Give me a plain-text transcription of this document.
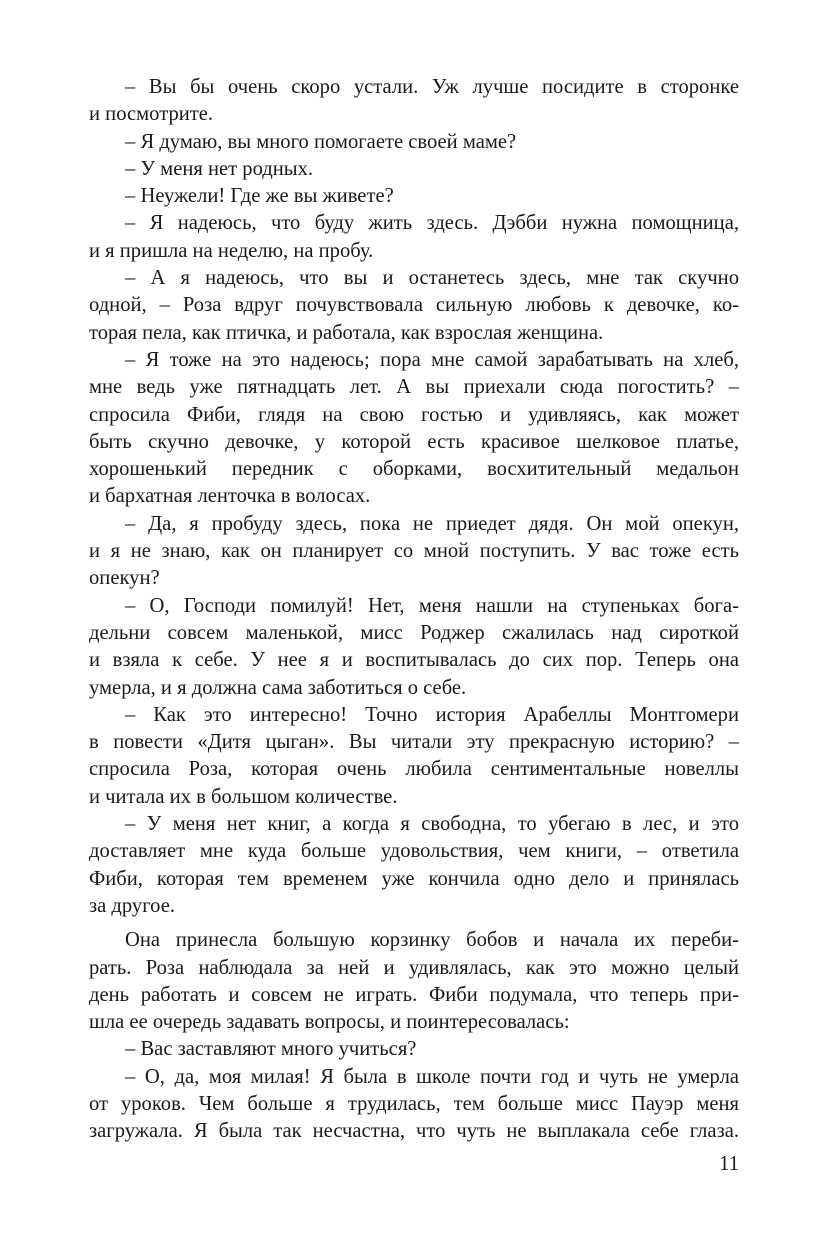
– Вы бы очень скоро устали. Уж лучше посидите в сторонке
и посмотрите.
– Я думаю, вы много помогаете своей маме?
– У меня нет родных.
– Неужели! Где же вы живете?
– Я надеюсь, что буду жить здесь. Дэбби нужна помощница,
и я пришла на неделю, на пробу.
– А я надеюсь, что вы и останетесь здесь, мне так скучно
одной, – Роза вдруг почувствовала сильную любовь к девочке, ко-
торая пела, как птичка, и работала, как взрослая женщина.
– Я тоже на это надеюсь; пора мне самой зарабатывать на хлеб,
мне ведь уже пятнадцать лет. А вы приехали сюда погостить? –
спросила Фиби, глядя на свою гостью и удивляясь, как может
быть скучно девочке, у которой есть красивое шелковое платье,
хорошенький передник с оборками, восхитительный медальон
и бархатная ленточка в волосах.
– Да, я пробуду здесь, пока не приедет дядя. Он мой опекун,
и я не знаю, как он планирует со мной поступить. У вас тоже есть
опекун?
– О, Господи помилуй! Нет, меня нашли на ступеньках бога-
дельни совсем маленькой, мисс Роджер сжалилась над сироткой
и взяла к себе. У нее я и воспитывалась до сих пор. Теперь она
умерла, и я должна сама заботиться о себе.
– Как это интересно! Точно история Арабеллы Монтгомери
в повести «Дитя цыган». Вы читали эту прекрасную историю? –
спросила Роза, которая очень любила сентиментальные новеллы
и читала их в большом количестве.
– У меня нет книг, а когда я свободна, то убегаю в лес, и это
доставляет мне куда больше удовольствия, чем книги, – ответила
Фиби, которая тем временем уже кончила одно дело и принялась
за другое.
Она принесла большую корзинку бобов и начала их переби-
рать. Роза наблюдала за ней и удивлялась, как это можно целый
день работать и совсем не играть. Фиби подумала, что теперь при-
шла ее очередь задавать вопросы, и поинтересовалась:
– Вас заставляют много учиться?
– О, да, моя милая! Я была в школе почти год и чуть не умерла
от уроков. Чем больше я трудилась, тем больше мисс Пауэр меня
загружала. Я была так несчастна, что чуть не выплакала себе глаза.
11
